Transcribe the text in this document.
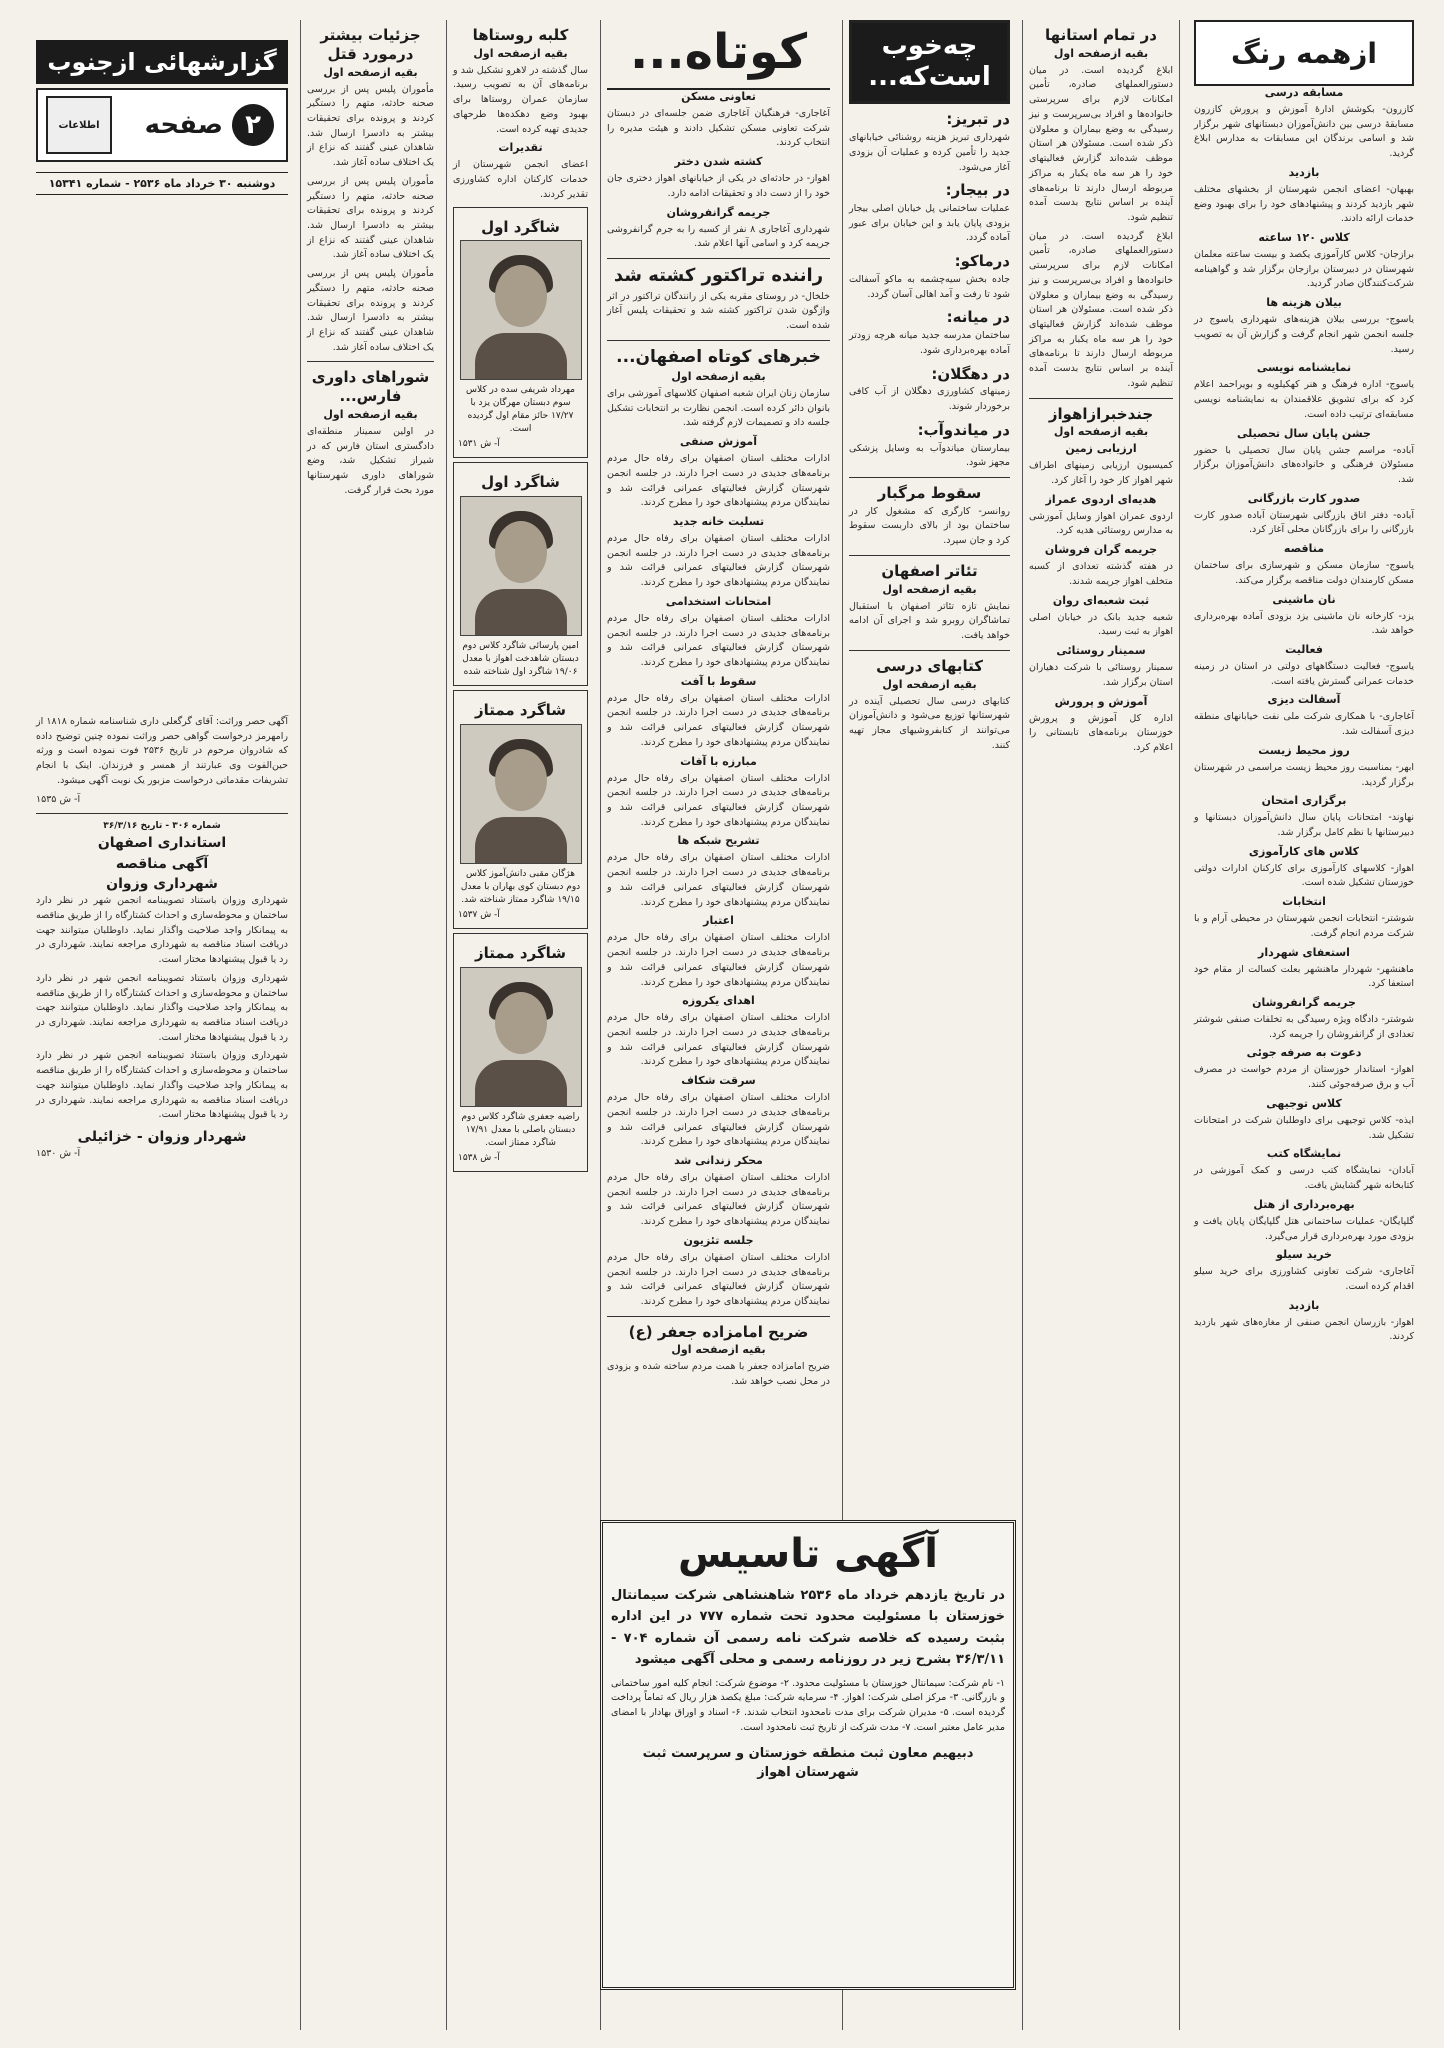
ازهمه رنگ
مسابقه درسی
کازرون- بکوشش ادارهٔ آموزش و پرورش کازرون مسابقهٔ درسی بین دانش‌آموزان دبستانهای شهر برگزار شد و اسامی برندگان این مسابقات به مدارس ابلاغ گردید.
بازدید
بهبهان- اعضای انجمن شهرستان از بخشهای مختلف شهر بازدید کردند و پیشنهادهای خود را برای بهبود وضع خدمات ارائه دادند.
کلاس ۱۲۰ ساعته
برازجان- کلاس کارآموزی یکصد و بیست ساعته معلمان شهرستان در دبیرستان برازجان برگزار شد و گواهینامه شرکت‌کنندگان صادر گردید.
بیلان هزینه ها
یاسوج- بررسی بیلان هزینه‌های شهرداری یاسوج در جلسه انجمن شهر انجام گرفت و گزارش آن به تصویب رسید.
نمایشنامه نویسی
یاسوج- اداره فرهنگ و هنر کهکیلویه و بویراحمد اعلام کرد که برای تشویق علاقمندان به نمایشنامه نویسی مسابقه‌ای ترتیب داده است.
جشن پایان سال تحصیلی
آباده- مراسم جشن پایان سال تحصیلی با حضور مسئولان فرهنگی و خانواده‌های دانش‌آموزان برگزار شد.
صدور کارت بازرگانی
آباده- دفتر اتاق بازرگانی شهرستان آباده صدور کارت بازرگانی را برای بازرگانان محلی آغاز کرد.
مناقصه
یاسوج- سازمان مسکن و شهرسازی برای ساختمان مسکن کارمندان دولت مناقصه برگزار می‌کند.
نان ماشینی
یزد- کارخانه نان ماشینی یزد بزودی آماده بهره‌برداری خواهد شد.
فعالیت
یاسوج- فعالیت دستگاههای دولتی در استان در زمینه خدمات عمرانی گسترش یافته است.
آسفالت دیزی
آغاجاری- با همکاری شرکت ملی نفت خیابانهای منطقه دیزی آسفالت شد.
روز محیط زیست
ابهر- بمناسبت روز محیط زیست مراسمی در شهرستان برگزار گردید.
برگزاری امتحان
نهاوند- امتحانات پایان سال دانش‌آموزان دبستانها و دبیرستانها با نظم کامل برگزار شد.
کلاس های کارآموزی
اهواز- کلاسهای کارآموزی برای کارکنان ادارات دولتی خوزستان تشکیل شده است.
انتخابات
شوشتر- انتخابات انجمن شهرستان در محیطی آرام و با شرکت مردم انجام گرفت.
استعفای شهردار
ماهنشهر- شهردار ماهنشهر بعلت کسالت از مقام خود استعفا کرد.
جریمه گرانفروشان
شوشتر- دادگاه ویژه رسیدگی به تخلفات صنفی شوشتر تعدادی از گرانفروشان را جریمه کرد.
دعوت به صرفه جوئی
اهواز- استاندار خوزستان از مردم خواست در مصرف آب و برق صرفه‌جوئی کنند.
کلاس توجیهی
ایذه- کلاس توجیهی برای داوطلبان شرکت در امتحانات تشکیل شد.
نمایشگاه کتب
آبادان- نمایشگاه کتب درسی و کمک آموزشی در کتابخانه شهر گشایش یافت.
بهره‌برداری از هتل
گلپایگان- عملیات ساختمانی هتل گلپایگان پایان یافت و بزودی مورد بهره‌برداری قرار می‌گیرد.
خرید سیلو
آغاجاری- شرکت تعاونی کشاورزی برای خرید سیلو اقدام کرده است.
بازدید
اهواز- بازرسان انجمن صنفی از مغازه‌های شهر بازدید کردند.
در تمام استانها
بقیه ازصفحه اول
ابلاغ گردیده است. در میان دستورالعملهای صادره، تأمین امکانات لازم برای سرپرستی خانواده‌ها و افراد بی‌سرپرست و نیز رسیدگی به وضع بیماران و معلولان ذکر شده است. مسئولان هر استان موظف شده‌اند گزارش فعالیتهای خود را هر سه ماه یکبار به مراکز مربوطه ارسال دارند تا برنامه‌های آینده بر اساس نتایج بدست آمده تنظیم شود.
ابلاغ گردیده است. در میان دستورالعملهای صادره، تأمین امکانات لازم برای سرپرستی خانواده‌ها و افراد بی‌سرپرست و نیز رسیدگی به وضع بیماران و معلولان ذکر شده است. مسئولان هر استان موظف شده‌اند گزارش فعالیتهای خود را هر سه ماه یکبار به مراکز مربوطه ارسال دارند تا برنامه‌های آینده بر اساس نتایج بدست آمده تنظیم شود.
جندخبرازاهواز
بقیه ازصفحه اول
ارزیابی زمین
کمیسیون ارزیابی زمینهای اطراف شهر اهواز کار خود را آغاز کرد.
هدیه‌ای اردوی عمراز
اردوی عمران اهواز وسایل آموزشی به مدارس روستائی هدیه کرد.
جریمه گران فروشان
در هفته گذشته تعدادی از کسبه متخلف اهواز جریمه شدند.
ثبت شعبه‌ای روان
شعبه جدید بانک در خیابان اصلی اهواز به ثبت رسید.
سمینار روستائی
سمینار روستائی با شرکت دهیاران استان برگزار شد.
آموزش و پرورش
اداره کل آموزش و پرورش خوزستان برنامه‌های تابستانی را اعلام کرد.
چه‌خوب است‌که...
در تبریز:
شهرداری تبریز هزینه روشنائی خیابانهای جدید را تأمین کرده و عملیات آن بزودی آغاز می‌شود.
در بیجار:
عملیات ساختمانی پل خیابان اصلی بیجار بزودی پایان یابد و این خیابان برای عبور آماده گردد.
درماکو:
جاده بخش سیه‌چشمه به ماکو آسفالت شود تا رفت و آمد اهالی آسان گردد.
در میانه:
ساختمان مدرسه جدید میانه هرچه زودتر آماده بهره‌برداری شود.
در دهگلان:
زمینهای کشاورزی دهگلان از آب کافی برخوردار شوند.
در میاندوآب:
بیمارستان میاندوآب به وسایل پزشکی مجهز شود.
سقوط مرگبار
روانسر- کارگری که مشغول کار در ساختمان بود از بالای داربست سقوط کرد و جان سپرد.
تئاتر اصفهان
بقیه ازصفحه اول
نمایش تازه تئاتر اصفهان با استقبال تماشاگران روبرو شد و اجرای آن ادامه خواهد یافت.
کتابهای درسی
بقیه ازصفحه اول
کتابهای درسی سال تحصیلی آینده در شهرستانها توزیع می‌شود و دانش‌آموزان می‌توانند از کتابفروشیهای مجاز تهیه کنند.
کوتاه...
تعاونی مسکن
آغاجاری- فرهنگیان آغاجاری ضمن جلسه‌ای در دبستان شرکت تعاونی مسکن تشکیل دادند و هیئت مدیره را انتخاب کردند.
کشته شدن دختر
اهواز- در حادثه‌ای در یکی از خیابانهای اهواز دختری جان خود را از دست داد و تحقیقات ادامه دارد.
جریمه گرانفروشان
شهرداری آغاجاری ۸ نفر از کسبه را به جرم گرانفروشی جریمه کرد و اسامی آنها اعلام شد.
راننده تراکتور کشته شد
خلخال- در روستای مقربه یکی از رانندگان تراکتور در اثر واژگون شدن تراکتور کشته شد و تحقیقات پلیس آغاز شده است.
خبرهای کوتاه اصفهان...
بقیه ازصفحه اول
سازمان زنان ایران شعبه اصفهان کلاسهای آموزشی برای بانوان دائر کرده است. انجمن نظارت بر انتخابات تشکیل جلسه داد و تصمیمات لازم گرفته شد.
آموزش صنفی
ادارات مختلف استان اصفهان برای رفاه حال مردم برنامه‌های جدیدی در دست اجرا دارند. در جلسه انجمن شهرستان گزارش فعالیتهای عمرانی قرائت شد و نمایندگان مردم پیشنهادهای خود را مطرح کردند.
تسلیت خانه جدید
ادارات مختلف استان اصفهان برای رفاه حال مردم برنامه‌های جدیدی در دست اجرا دارند. در جلسه انجمن شهرستان گزارش فعالیتهای عمرانی قرائت شد و نمایندگان مردم پیشنهادهای خود را مطرح کردند.
امتحانات استخدامی
ادارات مختلف استان اصفهان برای رفاه حال مردم برنامه‌های جدیدی در دست اجرا دارند. در جلسه انجمن شهرستان گزارش فعالیتهای عمرانی قرائت شد و نمایندگان مردم پیشنهادهای خود را مطرح کردند.
سقوط با آفت
ادارات مختلف استان اصفهان برای رفاه حال مردم برنامه‌های جدیدی در دست اجرا دارند. در جلسه انجمن شهرستان گزارش فعالیتهای عمرانی قرائت شد و نمایندگان مردم پیشنهادهای خود را مطرح کردند.
مبارزه با آفات
ادارات مختلف استان اصفهان برای رفاه حال مردم برنامه‌های جدیدی در دست اجرا دارند. در جلسه انجمن شهرستان گزارش فعالیتهای عمرانی قرائت شد و نمایندگان مردم پیشنهادهای خود را مطرح کردند.
تشریح شبکه ها
ادارات مختلف استان اصفهان برای رفاه حال مردم برنامه‌های جدیدی در دست اجرا دارند. در جلسه انجمن شهرستان گزارش فعالیتهای عمرانی قرائت شد و نمایندگان مردم پیشنهادهای خود را مطرح کردند.
اعتبار
ادارات مختلف استان اصفهان برای رفاه حال مردم برنامه‌های جدیدی در دست اجرا دارند. در جلسه انجمن شهرستان گزارش فعالیتهای عمرانی قرائت شد و نمایندگان مردم پیشنهادهای خود را مطرح کردند.
اهدای یکروزه
ادارات مختلف استان اصفهان برای رفاه حال مردم برنامه‌های جدیدی در دست اجرا دارند. در جلسه انجمن شهرستان گزارش فعالیتهای عمرانی قرائت شد و نمایندگان مردم پیشنهادهای خود را مطرح کردند.
سرقت شکاف
ادارات مختلف استان اصفهان برای رفاه حال مردم برنامه‌های جدیدی در دست اجرا دارند. در جلسه انجمن شهرستان گزارش فعالیتهای عمرانی قرائت شد و نمایندگان مردم پیشنهادهای خود را مطرح کردند.
محکر زندانی شد
ادارات مختلف استان اصفهان برای رفاه حال مردم برنامه‌های جدیدی در دست اجرا دارند. در جلسه انجمن شهرستان گزارش فعالیتهای عمرانی قرائت شد و نمایندگان مردم پیشنهادهای خود را مطرح کردند.
جلسه تئزیون
ادارات مختلف استان اصفهان برای رفاه حال مردم برنامه‌های جدیدی در دست اجرا دارند. در جلسه انجمن شهرستان گزارش فعالیتهای عمرانی قرائت شد و نمایندگان مردم پیشنهادهای خود را مطرح کردند.
ضریح امامزاده جعفر (ع)
بقیه ازصفحه اول
ضریح امامزاده جعفر با همت مردم ساخته شده و بزودی در محل نصب خواهد شد.
کلبه روستاها
بقیه ازصفحه اول
سال گذشته در لاهرو تشکیل شد و برنامه‌های آن به تصویب رسید. سازمان عمران روستاها برای بهبود وضع دهکده‌ها طرحهای جدیدی تهیه کرده است.
تقدیرات
اعضای انجمن شهرستان از خدمات کارکنان اداره کشاورزی تقدیر کردند.
شاگرد اول
مهرداد شریفی سده در کلاس سوم دبستان مهرگان یزد با ۱۷/۲۷ حائز مقام اول گردیده است.
آ- ش ۱۵۳۱
شاگرد اول
امین پارسائی شاگرد کلاس دوم دبستان شاهدخت اهواز با معدل ۱۹/۰۶ شاگرد اول شناخته شده
شاگرد ممتاز
هژگان مقبی دانش‌آموز کلاس دوم دبستان کوی بهاران با معدل ۱۹/۱۵ شاگرد ممتاز شناخته شد.
آ- ش ۱۵۳۷
شاگرد ممتاز
راضیه جعفری شاگرد کلاس دوم دبستان باصلی با معدل ۱۷/۹۱ شاگرد ممتاز است.
آ- ش ۱۵۳۸
جزئیات بیشتر درمورد قتل
بقیه ازصفحه اول
مأموران پلیس پس از بررسی صحنه حادثه، متهم را دستگیر کردند و پرونده برای تحقیقات بیشتر به دادسرا ارسال شد. شاهدان عینی گفتند که نزاع از یک اختلاف ساده آغاز شد.
مأموران پلیس پس از بررسی صحنه حادثه، متهم را دستگیر کردند و پرونده برای تحقیقات بیشتر به دادسرا ارسال شد. شاهدان عینی گفتند که نزاع از یک اختلاف ساده آغاز شد.
مأموران پلیس پس از بررسی صحنه حادثه، متهم را دستگیر کردند و پرونده برای تحقیقات بیشتر به دادسرا ارسال شد. شاهدان عینی گفتند که نزاع از یک اختلاف ساده آغاز شد.
شوراهای داوری فارس...
بقیه ازصفحه اول
در اولین سمینار منطقه‌ای دادگستری استان فارس که در شیراز تشکیل شد، وضع شوراهای داوری شهرستانها مورد بحث قرار گرفت.
گزارشهائی ازجنوب
۲ صفحه
اطلاعات
دوشنبه ۳۰ خرداد ماه ۲۵۳۶ - شماره ۱۵۳۴۱
آگهی حصر وراثت: آقای گرگعلی داری شناسنامه شماره ۱۸۱۸ از رامهرمز درخواست گواهی حصر وراثت نموده چنین توضیح داده که شادروان مرحوم در تاریخ ۲۵۳۶ فوت نموده است و ورثه حین‌الفوت وی عبارتند از همسر و فرزندان. اینک با انجام تشریفات مقدماتی درخواست مزبور یک نوبت آگهی میشود.
آ- ش ۱۵۳۵
شماره ۳۰۶ - تاریخ ۳۶/۳/۱۶
استانداری اصفهان
آگهی مناقصه
شهرداری وزوان
شهرداری وزوان باستناد تصویبنامه انجمن شهر در نظر دارد ساختمان و محوطه‌سازی و احداث کشتارگاه را از طریق مناقصه به پیمانکار واجد صلاحیت واگذار نماید. داوطلبان میتوانند جهت دریافت اسناد مناقصه به شهرداری مراجعه نمایند. شهرداری در رد یا قبول پیشنهادها مختار است.
شهرداری وزوان باستناد تصویبنامه انجمن شهر در نظر دارد ساختمان و محوطه‌سازی و احداث کشتارگاه را از طریق مناقصه به پیمانکار واجد صلاحیت واگذار نماید. داوطلبان میتوانند جهت دریافت اسناد مناقصه به شهرداری مراجعه نمایند. شهرداری در رد یا قبول پیشنهادها مختار است.
شهرداری وزوان باستناد تصویبنامه انجمن شهر در نظر دارد ساختمان و محوطه‌سازی و احداث کشتارگاه را از طریق مناقصه به پیمانکار واجد صلاحیت واگذار نماید. داوطلبان میتوانند جهت دریافت اسناد مناقصه به شهرداری مراجعه نمایند. شهرداری در رد یا قبول پیشنهادها مختار است.
شهردار وزوان - خزائیلی
آ- ش ۱۵۳۰
آگهی تاسیس
در تاریخ یازدهم خرداد ماه ۲۵۳۶ شاهنشاهی شرکت سیمانتال خوزستان با مسئولیت محدود تحت شماره ۷۷۷ در این اداره بثبت رسیده که خلاصه شرکت نامه رسمی آن شماره ۷۰۴ - ۳۶/۳/۱۱ بشرح زیر در روزنامه رسمی و محلی آگهی میشود
۱- نام شرکت: سیمانتال خوزستان با مسئولیت محدود. ۲- موضوع شرکت: انجام کلیه امور ساختمانی و بازرگانی. ۳- مرکز اصلی شرکت: اهواز. ۴- سرمایه شرکت: مبلغ یکصد هزار ریال که تماماً پرداخت گردیده است. ۵- مدیران شرکت برای مدت نامحدود انتخاب شدند. ۶- اسناد و اوراق بهادار با امضای مدیر عامل معتبر است. ۷- مدت شرکت از تاریخ ثبت نامحدود است.
دبیهیم معاون ثبت منطقه خوزستان و سرپرست ثبت شهرستان اهواز
